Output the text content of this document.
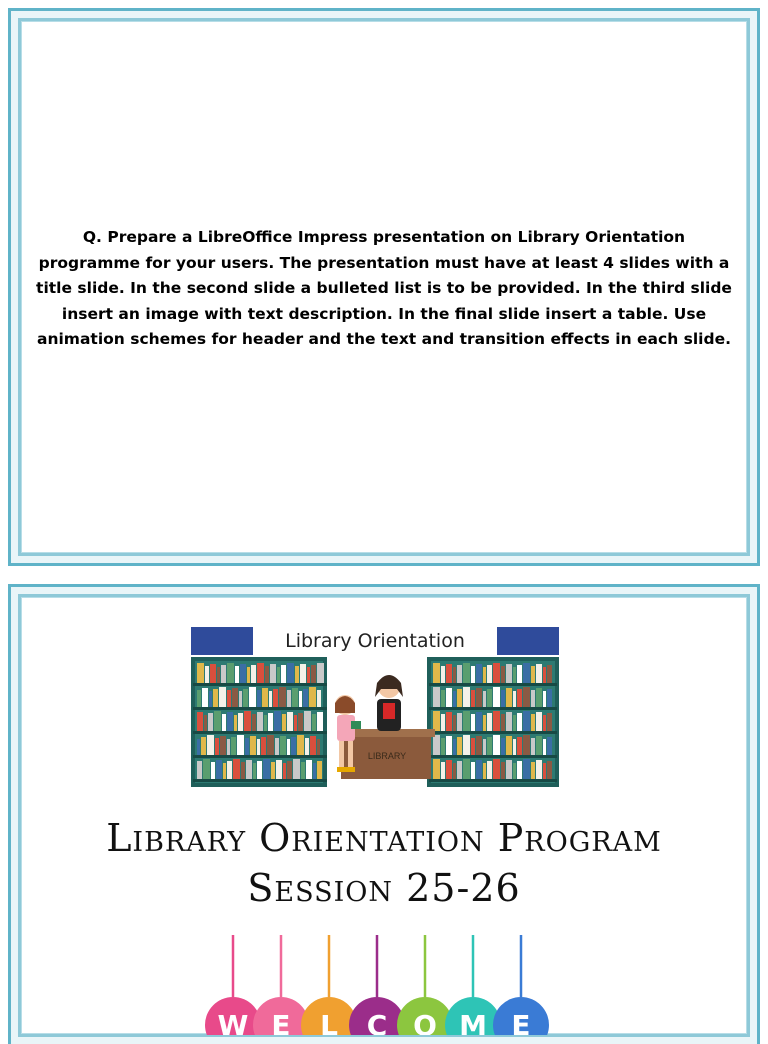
Q. Prepare a LibreOffice Impress presentation on Library Orientation programme for your users. The presentation must have at least 4 slides with a title slide. In the second slide a bulleted list is to be provided. In the third slide insert an image with text description. In the final slide insert a table. Use animation schemes for header and the text and transition effects in each slide.
LIBRARY
Library Orientation
Library Orientation Program
Session 25-26
W E L C O M E
